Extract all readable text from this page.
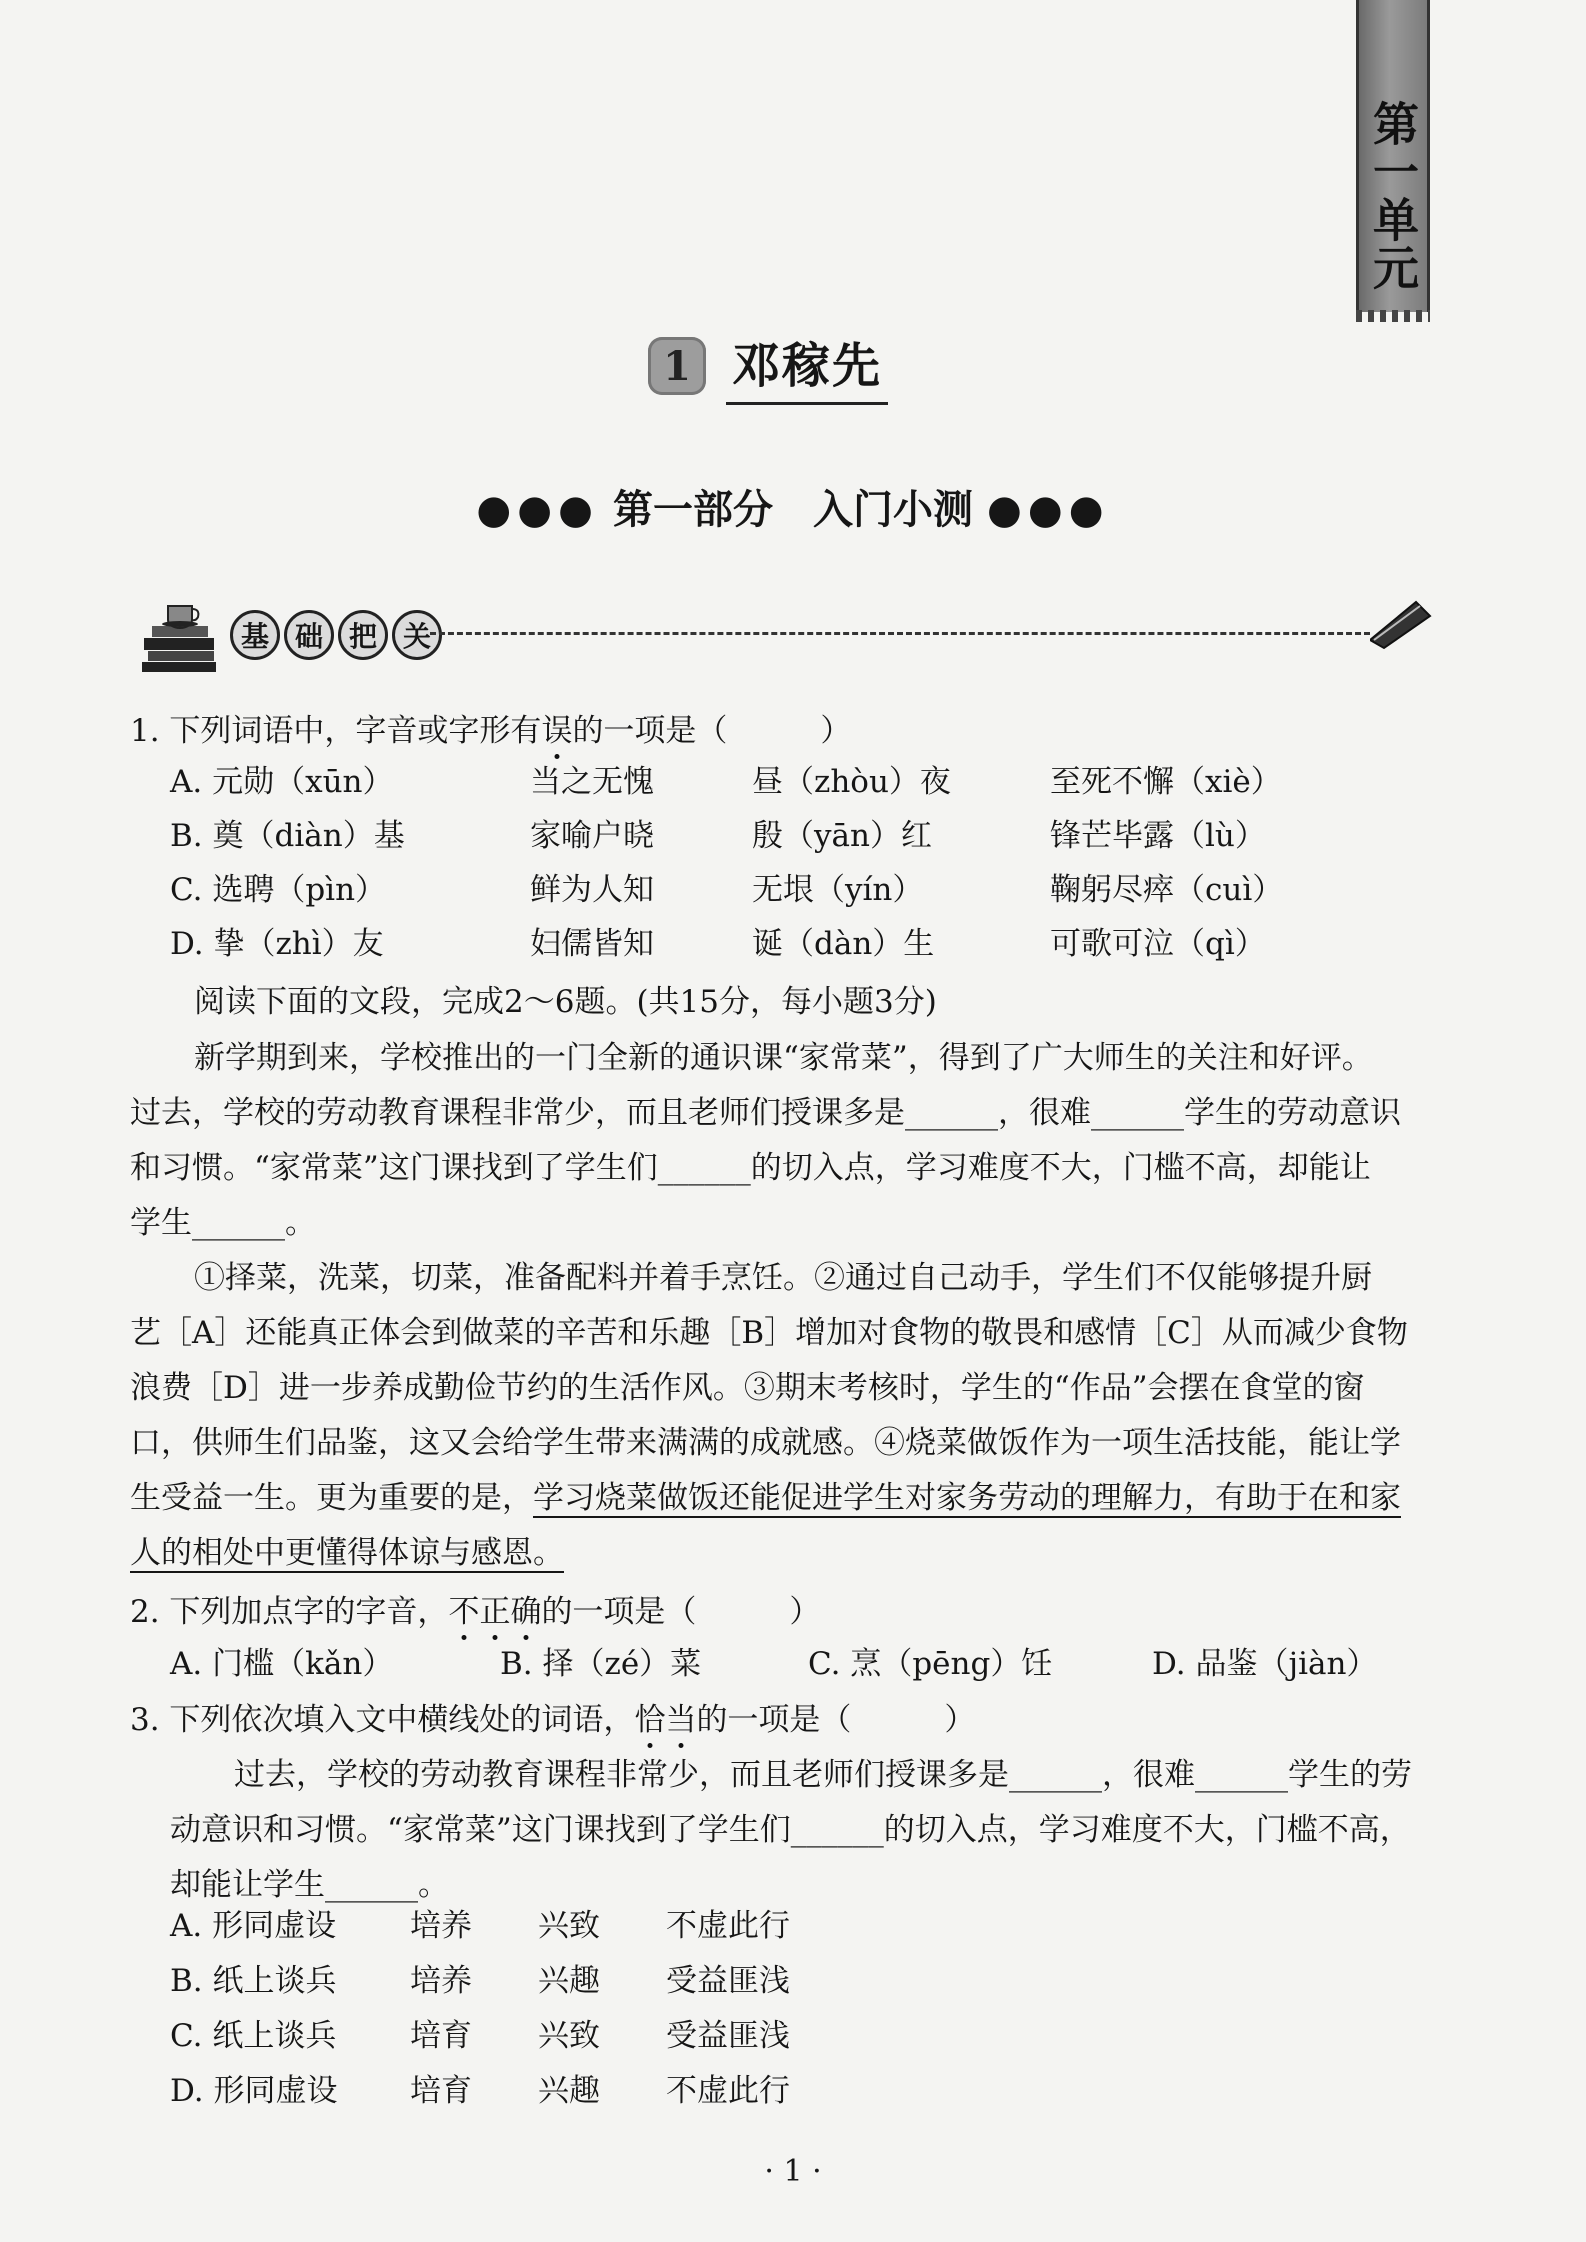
第一单元
1 邓稼先
●●● 第一部分　入门小测 ●●●
基 础 把 关
1. 下列词语中，字音或字形有误的一项是（　　　）
A. 元勋（xūn）	当之无愧	昼（zhòu）夜	至死不懈（xiè）
B. 奠（diàn）基	家喻户晓	殷（yān）红	锋芒毕露（lù）
C. 选聘（pìn）	鲜为人知	无垠（yín）	鞠躬尽瘁（cuì）
D. 挚（zhì）友	妇儒皆知	诞（dàn）生	可歌可泣（qì）
阅读下面的文段，完成2～6题。(共15分，每小题3分)

新学期到来，学校推出的一门全新的通识课“家常菜”，得到了广大师生的关注和好评。

过去，学校的劳动教育课程非常少，而且老师们授课多是______，很难______学生的劳动意识

和习惯。“家常菜”这门课找到了学生们______的切入点，学习难度不大，门槛不高，却能让

学生______。

①择菜，洗菜，切菜，准备配料并着手烹饪。②通过自己动手，学生们不仅能够提升厨

艺［A］还能真正体会到做菜的辛苦和乐趣［B］增加对食物的敬畏和感情［C］从而减少食物

浪费［D］进一步养成勤俭节约的生活作风。③期末考核时，学生的“作品”会摆在食堂的窗

口，供师生们品鉴，这又会给学生带来满满的成就感。④烧菜做饭作为一项生活技能，能让学

生受益一生。更为重要的是，学习烧菜做饭还能促进学生对家务劳动的理解力，有助于在和家

人的相处中更懂得体谅与感恩。

2. 下列加点字的字音，不正确的一项是（　　　）
A. 门槛（kǎn）	B. 择（zé）菜	C. 烹（pēng）饪	D. 品鉴（jiàn）
3. 下列依次填入文中横线处的词语，恰当的一项是（　　　）

过去，学校的劳动教育课程非常少，而且老师们授课多是______，很难______学生的劳

动意识和习惯。“家常菜”这门课找到了学生们______的切入点，学习难度不大，门槛不高，

却能让学生______。

A. 形同虚设 培养 兴致 不虚此行
B. 纸上谈兵 培养 兴趣 受益匪浅
C. 纸上谈兵 培育 兴致 受益匪浅
D. 形同虚设 培育 兴趣 不虚此行
· 1 ·
